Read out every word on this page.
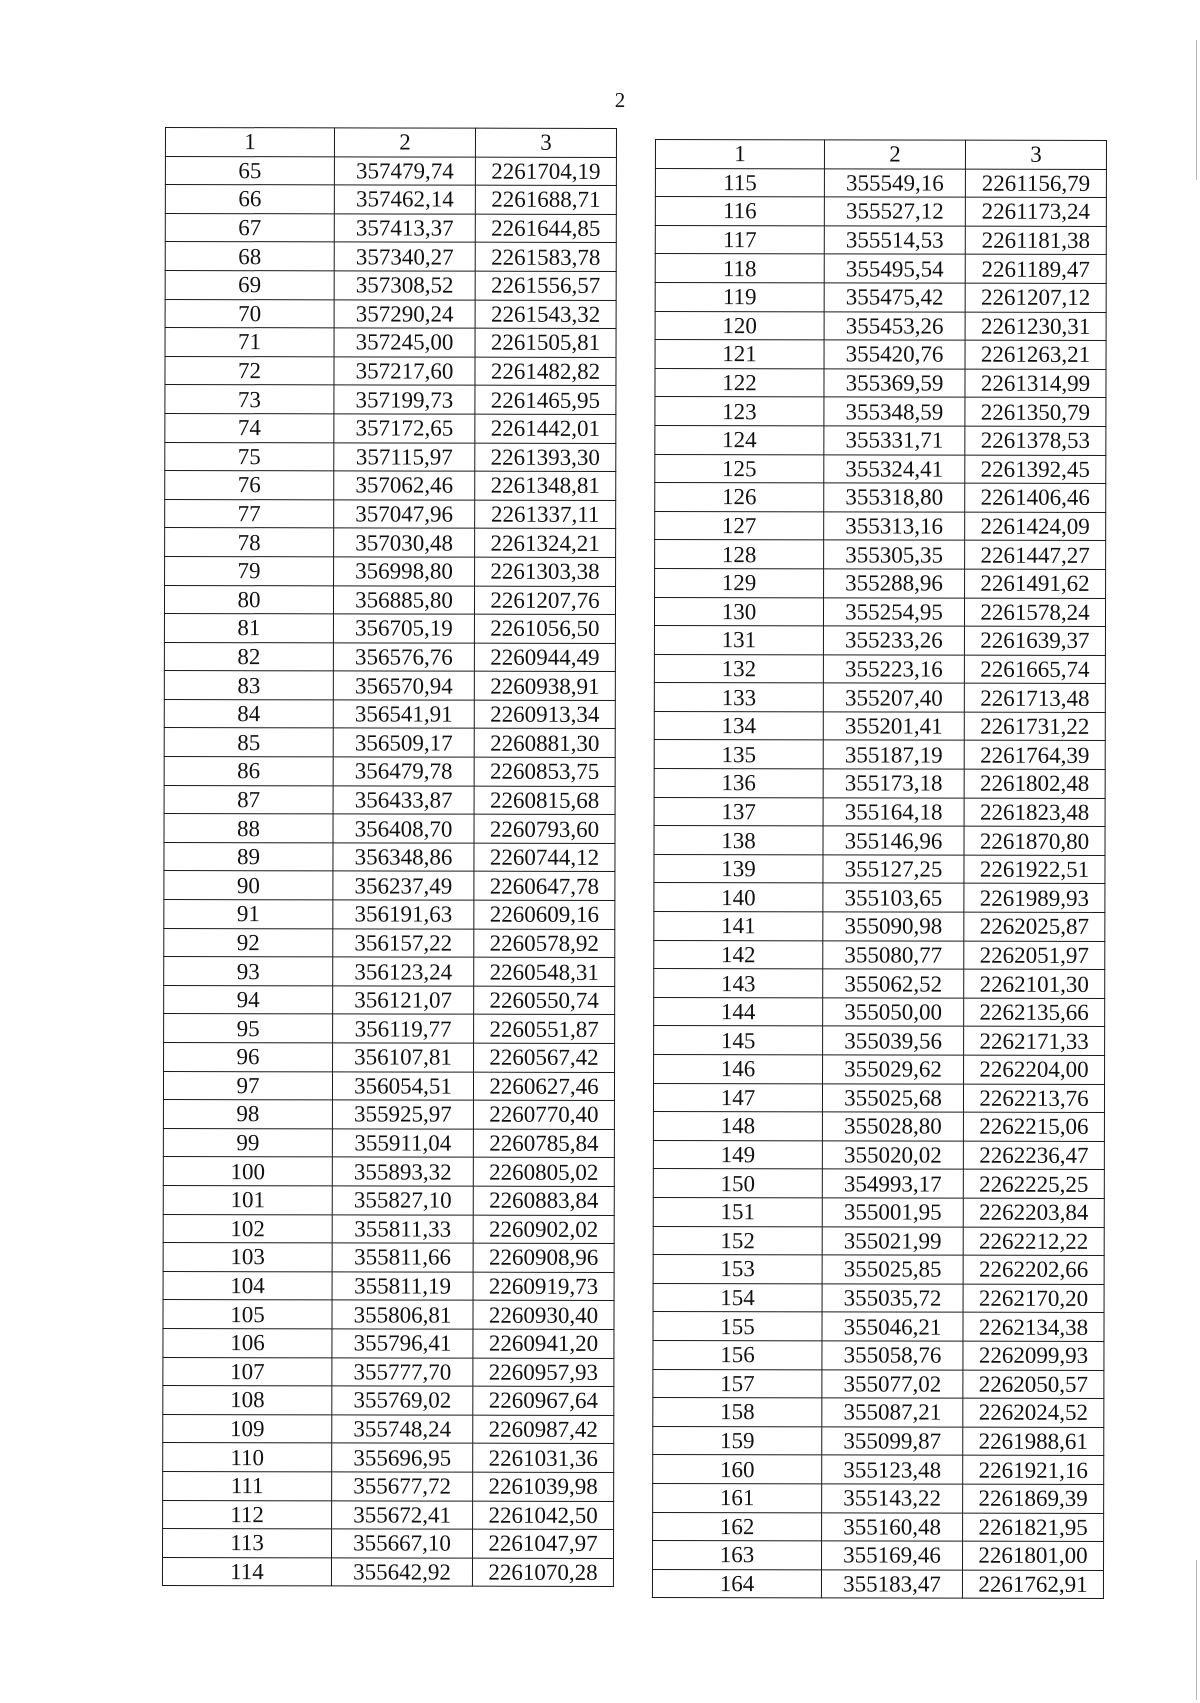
2
1	2	3
65	357479,74	2261704,19
66	357462,14	2261688,71
67	357413,37	2261644,85
68	357340,27	2261583,78
69	357308,52	2261556,57
70	357290,24	2261543,32
71	357245,00	2261505,81
72	357217,60	2261482,82
73	357199,73	2261465,95
74	357172,65	2261442,01
75	357115,97	2261393,30
76	357062,46	2261348,81
77	357047,96	2261337,11
78	357030,48	2261324,21
79	356998,80	2261303,38
80	356885,80	2261207,76
81	356705,19	2261056,50
82	356576,76	2260944,49
83	356570,94	2260938,91
84	356541,91	2260913,34
85	356509,17	2260881,30
86	356479,78	2260853,75
87	356433,87	2260815,68
88	356408,70	2260793,60
89	356348,86	2260744,12
90	356237,49	2260647,78
91	356191,63	2260609,16
92	356157,22	2260578,92
93	356123,24	2260548,31
94	356121,07	2260550,74
95	356119,77	2260551,87
96	356107,81	2260567,42
97	356054,51	2260627,46
98	355925,97	2260770,40
99	355911,04	2260785,84
100	355893,32	2260805,02
101	355827,10	2260883,84
102	355811,33	2260902,02
103	355811,66	2260908,96
104	355811,19	2260919,73
105	355806,81	2260930,40
106	355796,41	2260941,20
107	355777,70	2260957,93
108	355769,02	2260967,64
109	355748,24	2260987,42
110	355696,95	2261031,36
111	355677,72	2261039,98
112	355672,41	2261042,50
113	355667,10	2261047,97
114	355642,92	2261070,28
1	2	3
115	355549,16	2261156,79
116	355527,12	2261173,24
117	355514,53	2261181,38
118	355495,54	2261189,47
119	355475,42	2261207,12
120	355453,26	2261230,31
121	355420,76	2261263,21
122	355369,59	2261314,99
123	355348,59	2261350,79
124	355331,71	2261378,53
125	355324,41	2261392,45
126	355318,80	2261406,46
127	355313,16	2261424,09
128	355305,35	2261447,27
129	355288,96	2261491,62
130	355254,95	2261578,24
131	355233,26	2261639,37
132	355223,16	2261665,74
133	355207,40	2261713,48
134	355201,41	2261731,22
135	355187,19	2261764,39
136	355173,18	2261802,48
137	355164,18	2261823,48
138	355146,96	2261870,80
139	355127,25	2261922,51
140	355103,65	2261989,93
141	355090,98	2262025,87
142	355080,77	2262051,97
143	355062,52	2262101,30
144	355050,00	2262135,66
145	355039,56	2262171,33
146	355029,62	2262204,00
147	355025,68	2262213,76
148	355028,80	2262215,06
149	355020,02	2262236,47
150	354993,17	2262225,25
151	355001,95	2262203,84
152	355021,99	2262212,22
153	355025,85	2262202,66
154	355035,72	2262170,20
155	355046,21	2262134,38
156	355058,76	2262099,93
157	355077,02	2262050,57
158	355087,21	2262024,52
159	355099,87	2261988,61
160	355123,48	2261921,16
161	355143,22	2261869,39
162	355160,48	2261821,95
163	355169,46	2261801,00
164	355183,47	2261762,91
